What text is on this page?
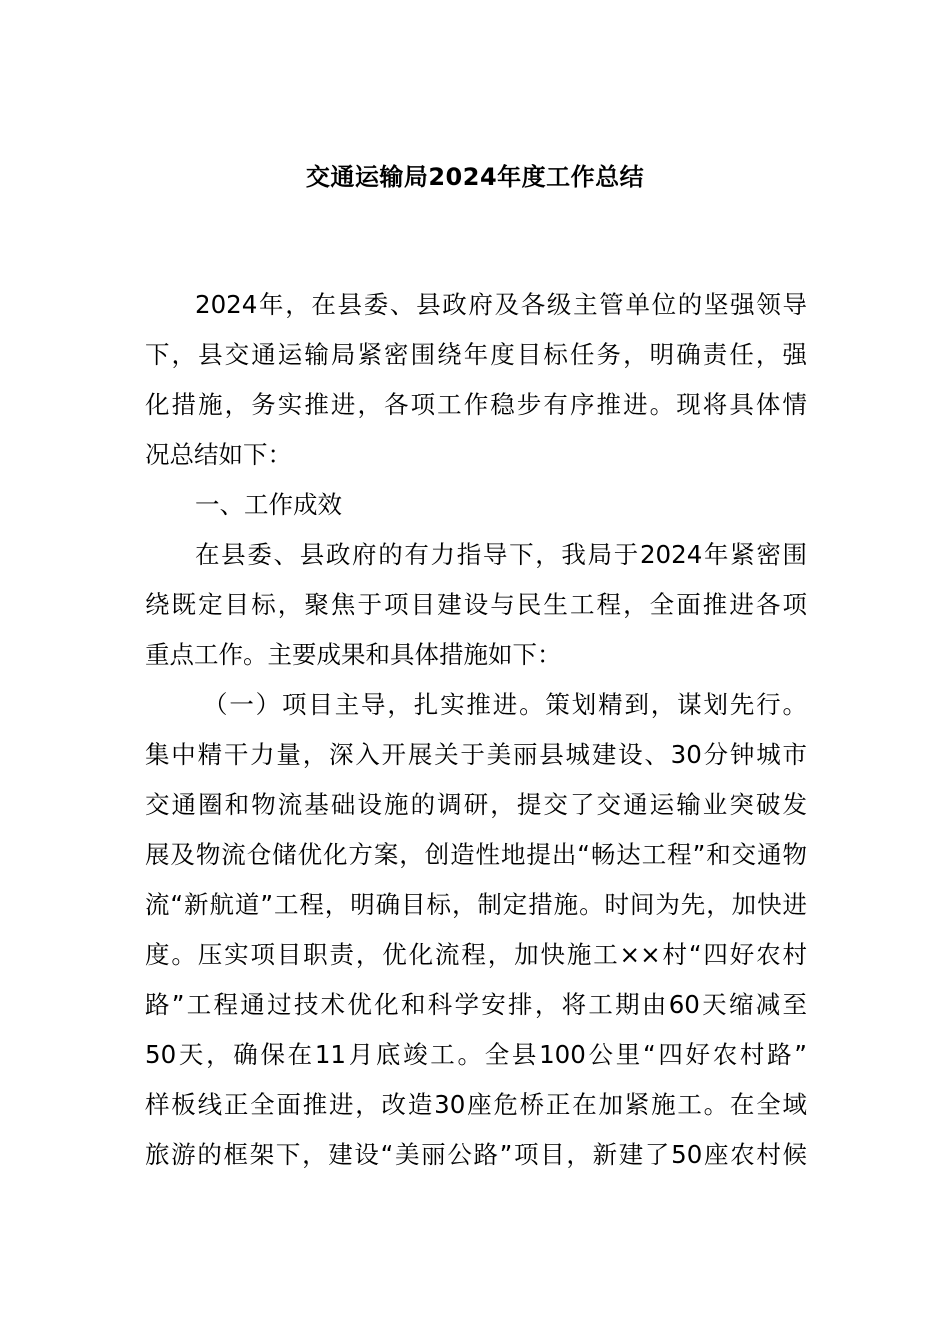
交通运输局2024年度工作总结
2024年，在县委、县政府及各级主管单位的坚强领导
下，县交通运输局紧密围绕年度目标任务，明确责任，强
化措施，务实推进，各项工作稳步有序推进。现将具体情
况总结如下：
一、工作成效
在县委、县政府的有力指导下，我局于2024年紧密围
绕既定目标，聚焦于项目建设与民生工程，全面推进各项
重点工作。主要成果和具体措施如下：
（一）项目主导，扎实推进。策划精到，谋划先行。
集中精干力量，深入开展关于美丽县城建设、30分钟城市
交通圈和物流基础设施的调研，提交了交通运输业突破发
展及物流仓储优化方案，创造性地提出“畅达工程”和交通物
流“新航道”工程，明确目标，制定措施。时间为先，加快进
度。压实项目职责，优化流程，加快施工××村“四好农村
路”工程通过技术优化和科学安排，将工期由60天缩减至
50天，确保在11月底竣工。全县100公里“四好农村路”
样板线正全面推进，改造30座危桥正在加紧施工。在全域
旅游的框架下，建设“美丽公路”项目，新建了50座农村候
